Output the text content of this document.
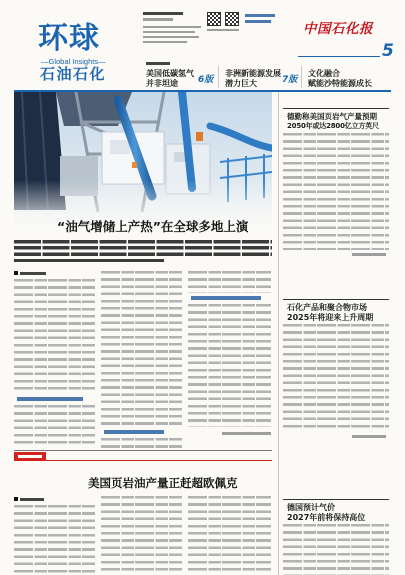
环球
—Global Insights—
石油石化
中国石化报
5
美国低碳氢气
并非坦途 6版
非洲新能源发展
潜力巨大	7版
文化融合
赋能沙特能源成长
“油气增储上产热”在全球多地上演
美国页岩油产量正赶超欧佩克
德勤称美国页岩气产量预期
2050年或达2800亿立方英尺
石化产品和聚合物市场
2025年将迎来上升周期
德国预计气价
2027年前将保持高位
